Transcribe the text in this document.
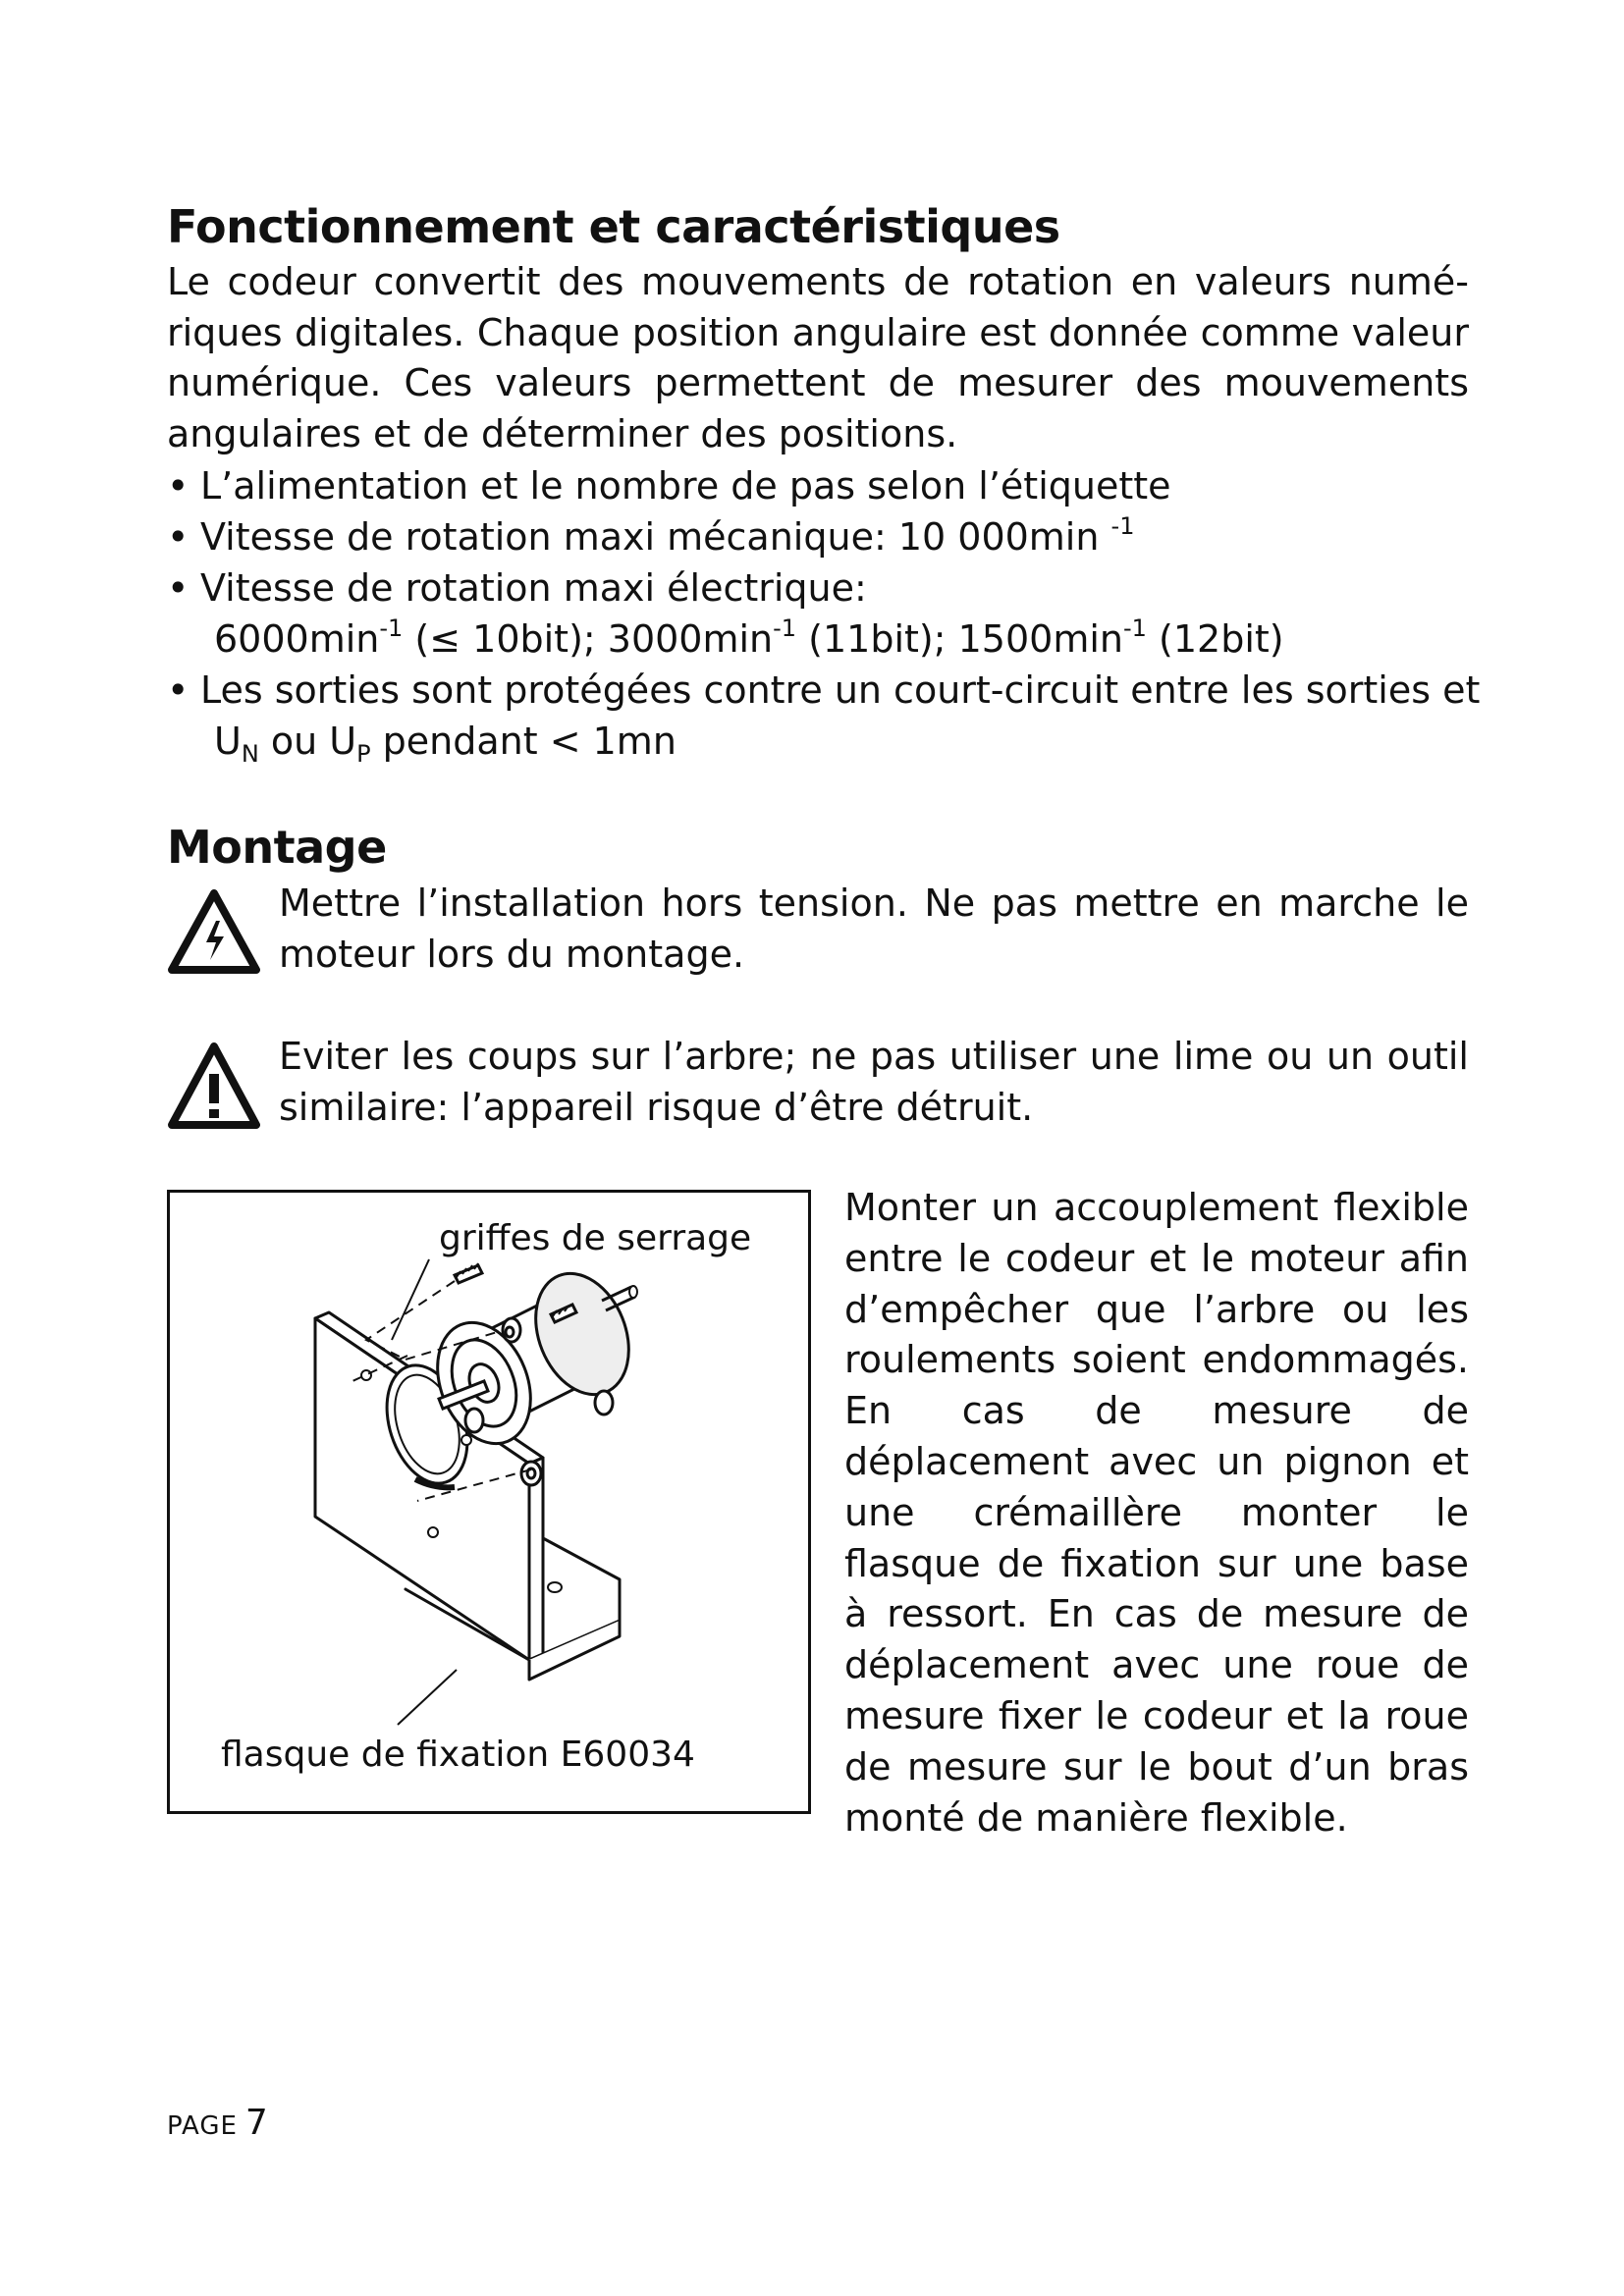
Fonctionnement et caractéristiques
Le codeur convertit des mouvements de rotation en valeurs numé-riques digitales. Chaque position angulaire est donnée comme valeur numérique. Ces valeurs permettent de mesurer des mouvements angulaires et de déterminer des positions.
• L’alimentation et le nombre de pas selon l’étiquette
• Vitesse de rotation maxi mécanique: 10 000min $^{-1}$
• Vitesse de rotation maxi électrique:
$6000\min^{-1}$ (≤ 10bit); $3000\min^{-1}$ (11bit); $1500\min^{-1}$ (12bit)
• Les sorties sont protégées contre un court-circuit entre les sorties et
$U_N$ ou $U_P$ pendant < 1mn
Montage
Mettre l’installation hors tension. Ne pas mettre en marche le moteur lors du montage.
Eviter les coups sur l’arbre; ne pas utiliser une lime ou un outil similaire: l’appareil risque d’être détruit.
griffes de serrage
flasque de fixation E60034
Monter un accouplement flexible entre le codeur et le moteur afin d’empêcher que l’arbre ou les roulements soient endommagés. En cas de mesure de déplacement avec un pignon et une crémaillère monter le flasque de fixation sur une base à ressort. En cas de mesure de déplacement avec une roue de mesure fixer le codeur et la roue de mesure sur le bout d’un bras monté de manière flexible.
PAGE 7
